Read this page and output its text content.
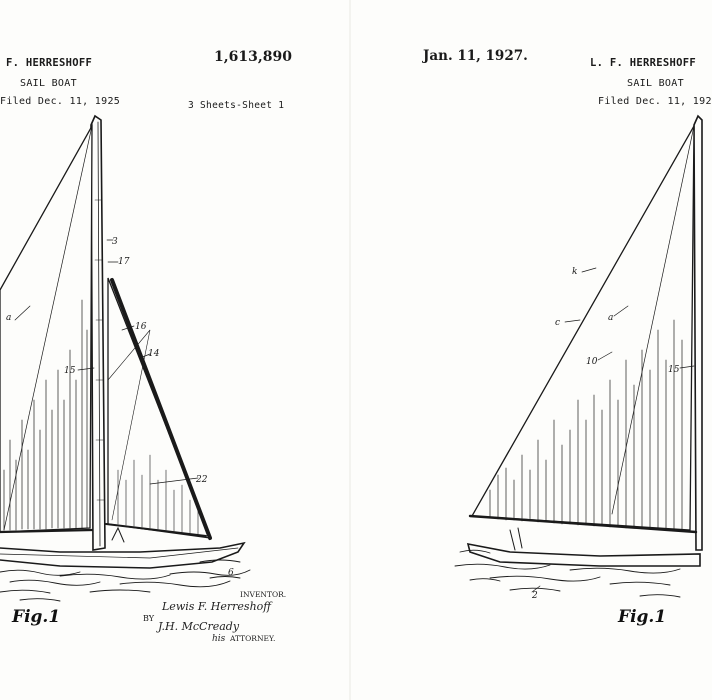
F. HERRESHOFF
SAIL BOAT
Filed Dec. 11, 1925
1,613,890
3 Sheets-Sheet 1
3
17
16
14
15
22
a
6
Fig.1
Lewis F. Herreshoff
J.H. McCready
his
INVENTOR.
BY
ATTORNEY.
Jan. 11, 1927.	L. F. HERRESHOFF
SAIL BOAT
Filed Dec. 11, 192
k
c	a
10
15
2
Fig.1
